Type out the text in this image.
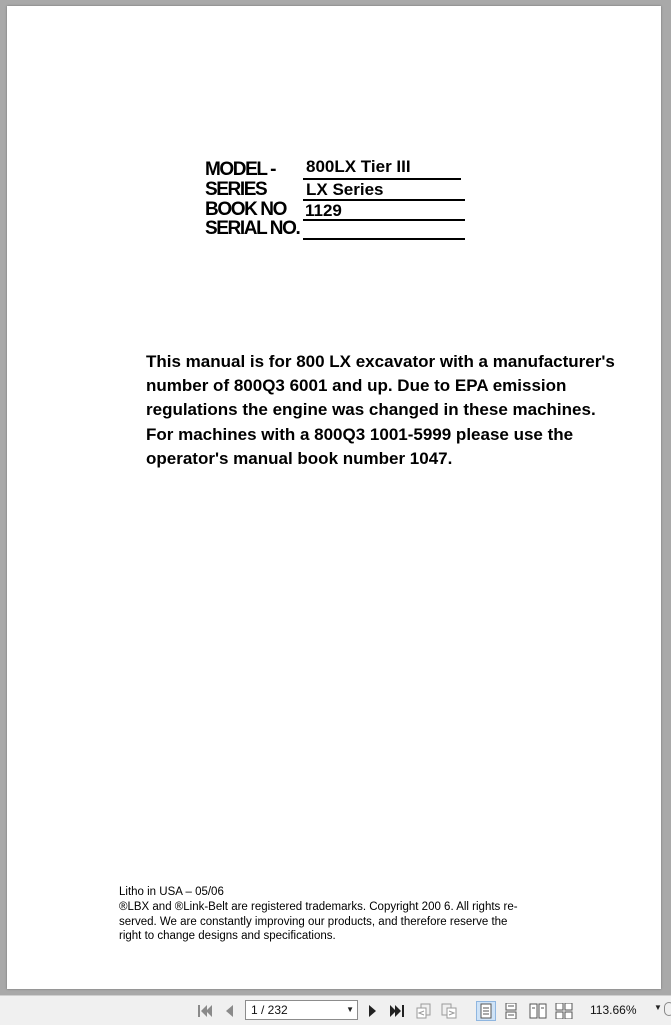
MODEL - 800LX Tier III
SERIES LX Series
BOOK NO 1129
SERIAL NO.

This manual is for 800 LX excavator with a manufacturer's
number of 800Q3 6001 and up. Due to EPA emission
regulations the engine was changed in these machines.
For machines with a 800Q3 1001-5999 please use the
operator's manual book number 1047.

Litho in USA – 05/06
®LBX and ®Link-Belt are registered trademarks. Copyright 200 6. All rights re-
served. We are constantly improving our products, and therefore reserve the
right to change designs and specifications.
1 / 232	▼	113.66% ▼
